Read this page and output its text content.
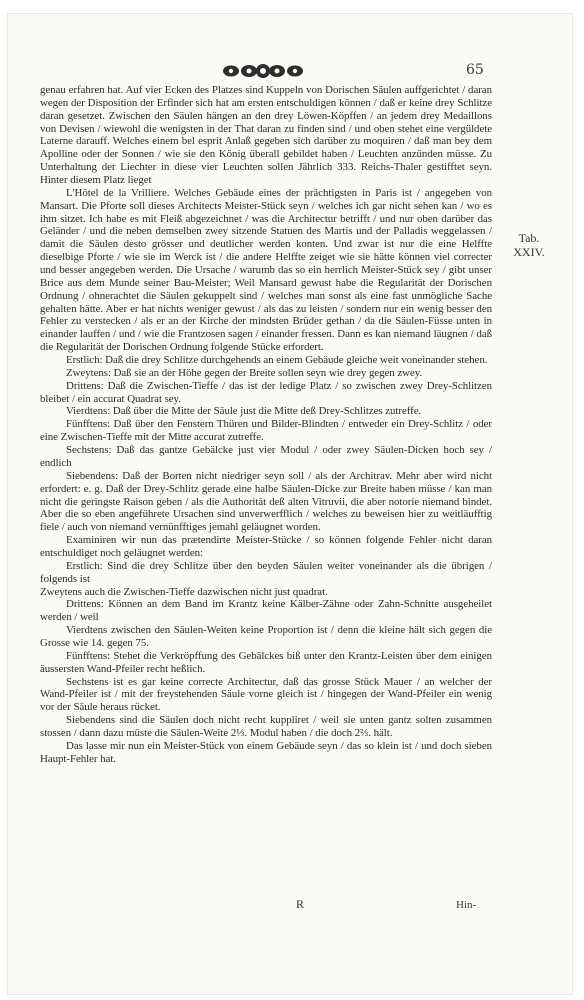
65

genau erfahren hat. Auf vier Ecken des Platzes sind Kuppeln von Dorischen Säulen auffgerichtet / daran wegen der Disposition der Erfinder sich hat am ersten entschuldigen können / daß er keine drey Schlitze daran gesetzet. Zwischen den Säulen hängen an den drey Löwen-Köpffen / an jedem drey Medaillons von Devisen / wiewohl die wenigsten in der That daran zu finden sind / und oben stehet eine vergüldete Laterne darauff. Welches einem bel esprit Anlaß gegeben sich darüber zu moquiren / daß man bey dem Apolline oder der Sonnen / wie sie den König überall gebildet haben / Leuchten anzünden müsse. Zu Unterhaltung der Liechter in diese vier Leuchten sollen Jährlich 333. Reichs-Thaler gestifftet seyn. Hinter diesem Platz lieget

L'Hôtel de la Vrilliere. Welches Gebäude eines der prächtigsten in Paris ist / angegeben von Mansart. Die Pforte soll dieses Architects Meister-Stück seyn / welches ich gar nicht sehen kan / wo es ihm sitzet. Ich habe es mit Fleiß abgezeichnet / was die Architectur betrifft / und nur oben darüber das Geländer / und die neben demselben zwey sitzende Statuen des Martis und der Palladis weggelassen / damit die Säulen desto grösser und deutlicher werden konten. Und zwar ist nur die eine Helffte dieselbige Pforte / wie sie im Werck ist / die andere Helffte zeiget wie sie hätte können viel correcter und besser angegeben werden. Die Ursache / warumb das so ein herrlich Meister-Stück sey / gibt unser Brice aus dem Munde seiner Bau-Meister; Weil Mansard gewust habe die Regularität der Dorischen Ordnung / ohnerachtet die Säulen gekuppelt sind / welches man sonst als eine fast unmögliche Sache gehalten hätte. Aber er hat nichts weniger gewust / als das zu leisten / sondern nur ein wenig besser den Fehler zu verstecken / als er an der Kirche der mindsten Brüder gethan / da die Säulen-Füsse unten in einander lauffen / und / wie die Frantzosen sagen / einander fressen. Dann es kan niemand läugnen / daß die Regularität der Dorischen Ordnung folgende Stücke erfordert.

Erstlich: Daß die drey Schlitze durchgehends an einem Gebäude gleiche weit voneinander stehen.

Zweytens: Daß sie an der Höhe gegen der Breite sollen seyn wie drey gegen zwey.

Drittens: Daß die Zwischen-Tieffe / das ist der ledige Platz / so zwischen zwey Drey-Schlitzen bleibet / ein accurat Quadrat sey.

Vierdtens: Daß über die Mitte der Säule just die Mitte deß Drey-Schlitzes zutreffe.

Fünfftens: Daß über den Fenstern Thüren und Bilder-Blindten / entweder ein Drey-Schlitz / oder eine Zwischen-Tieffe mit der Mitte accurat zutreffe.

Sechstens: Daß das gantze Gebälcke just vier Modul / oder zwey Säulen-Dicken hoch sey / endlich

Siebendens: Daß der Borten nicht niedriger seyn soll / als der Architrav. Mehr aber wird nicht erfordert: e. g. Daß der Drey-Schlitz gerade eine halbe Säulen-Dicke zur Breite haben müsse / kan man nicht die geringste Raison geben / als die Authorität deß alten Vitruvii, die aber notorie niemand bindet. Aber die so eben angeführete Ursachen sind unverwerfflich / welches zu beweisen hier zu weitläufftig fiele / auch von niemand vernünfftiges jemahl geläugnet worden.

Examiniren wir nun das prætendirte Meister-Stücke / so können folgende Fehler nicht daran entschuldiget noch geläugnet werden:

Erstlich: Sind die drey Schlitze über den beyden Säulen weiter voneinander als die übrigen / folgends ist

Zweytens auch die Zwischen-Tieffe dazwischen nicht just quadrat.

Drittens: Können an dem Band im Krantz keine Kälber-Zähne oder Zahn-Schnitte ausgeheilet werden / weil

Vierdtens zwischen den Säulen-Weiten keine Proportion ist / denn die kleine hält sich gegen die Grosse wie 14. gegen 75.

Fünfftens: Stehet die Verkröpffung des Gebälckes biß unter den Krantz-Leisten über dem einigen äussersten Wand-Pfeiler recht heßlich.

Sechstens ist es gar keine correcte Architectur, daß das grosse Stück Mauer / an welcher der Wand-Pfeiler ist / mit der freystehenden Säule vorne gleich ist / hingegen der Wand-Pfeiler ein wenig vor der Säule heraus rücket.

Siebendens sind die Säulen doch nicht recht kuppliret / weil sie unten gantz solten zusammen stossen / dann dazu müste die Säulen-Weite 2⅓. Modul haben / die doch 2⅔. hält.

Das lasse mir nun ein Meister-Stück von einem Gebäude seyn / das so klein ist / und doch sieben Haupt-Fehler hat.

Tab.
XXIV.
R	Hin-
